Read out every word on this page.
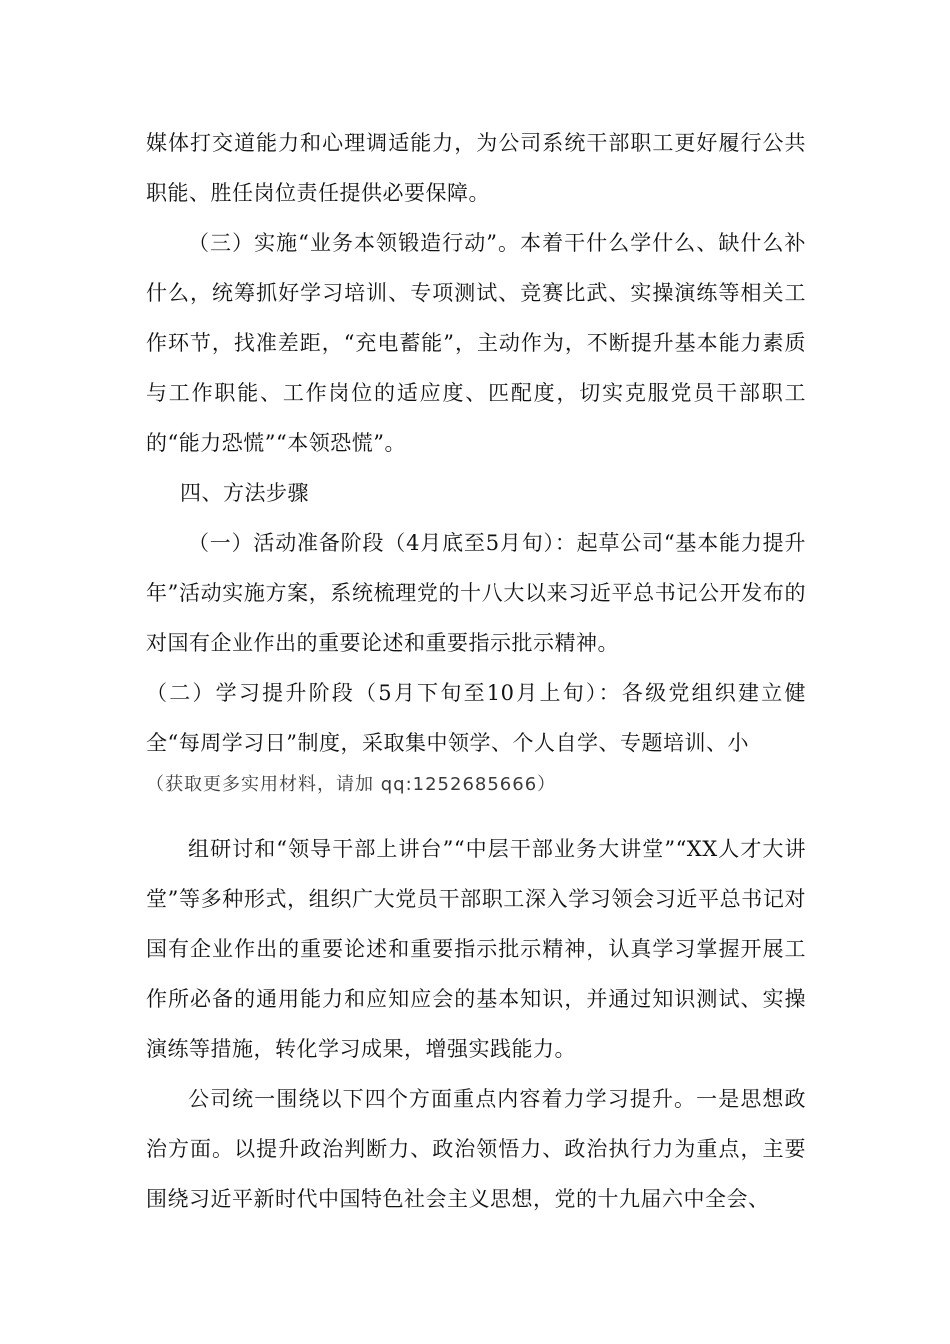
媒体打交道能力和心理调适能力，为公司系统干部职工更好履行公共职能、胜任岗位责任提供必要保障。

（三）实施“业务本领锻造行动”。本着干什么学什么、缺什么补什么，统筹抓好学习培训、专项测试、竞赛比武、实操演练等相关工作环节，找准差距，“充电蓄能”，主动作为，不断提升基本能力素质与工作职能、工作岗位的适应度、匹配度，切实克服党员干部职工的“能力恐慌”“本领恐慌”。

四、方法步骤

（一）活动准备阶段（4月底至5月旬）：起草公司“基本能力提升年”活动实施方案，系统梳理党的十八大以来习近平总书记公开发布的对国有企业作出的重要论述和重要指示批示精神。

（二）学习提升阶段（5月下旬至10月上旬）：各级党组织建立健全“每周学习日”制度，采取集中领学、个人自学、专题培训、小

（获取更多实用材料，请加 qq:1252685666）

组研讨和“领导干部上讲台”“中层干部业务大讲堂”“XX人才大讲堂”等多种形式，组织广大党员干部职工深入学习领会习近平总书记对国有企业作出的重要论述和重要指示批示精神，认真学习掌握开展工作所必备的通用能力和应知应会的基本知识，并通过知识测试、实操演练等措施，转化学习成果，增强实践能力。

公司统一围绕以下四个方面重点内容着力学习提升。一是思想政治方面。以提升政治判断力、政治领悟力、政治执行力为重点，主要围绕习近平新时代中国特色社会主义思想，党的十九届六中全会、
